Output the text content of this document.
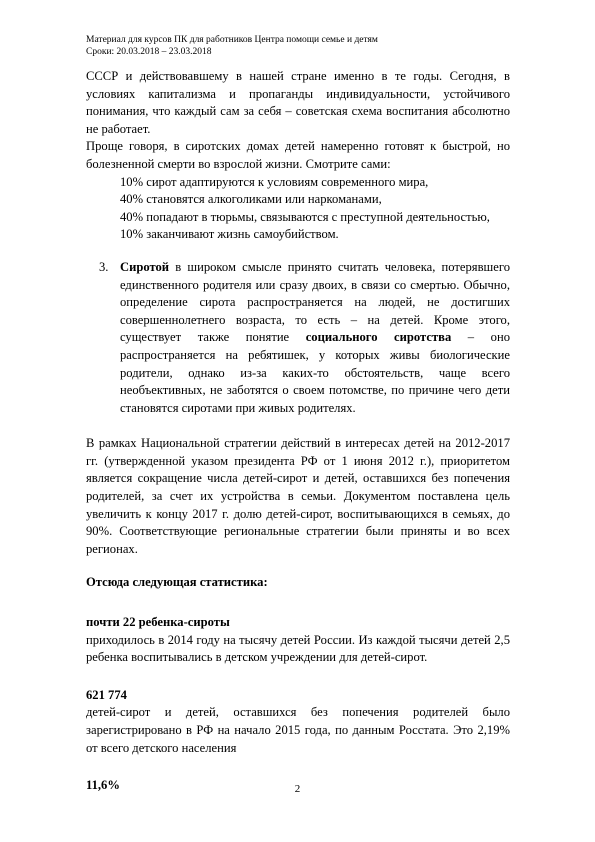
Материал для курсов ПК для работников Центра помощи семье и детям
Сроки: 20.03.2018 – 23.03.2018

СССР и действовавшему в нашей стране именно в те годы. Сегодня, в условиях капитализма и пропаганды индивидуальности, устойчивого понимания, что каждый сам за себя – советская схема воспитания абсолютно не работает.

Проще говоря, в сиротских домах детей намеренно готовят к быстрой, но болезненной смерти во взрослой жизни. Смотрите сами:

10% сирот адаптируются к условиям современного мира,
40% становятся алкоголиками или наркоманами,
40% попадают в тюрьмы, связываются с преступной деятельностью,
10% заканчивают жизнь самоубийством.
3. Сиротой в широком смысле принято считать человека, потерявшего единственного родителя или сразу двоих, в связи со смертью. Обычно, определение сирота распространяется на людей, не достигших совершеннолетнего возраста, то есть – на детей. Кроме этого, существует также понятие социального сиротства – оно распространяется на ребятишек, у которых живы биологические родители, однако из-за каких-то обстоятельств, чаще всего необъективных, не заботятся о своем потомстве, по причине чего дети становятся сиротами при живых родителях.

В рамках Национальной стратегии действий в интересах детей на 2012-2017 гг. (утвержденной указом президента РФ от 1 июня 2012 г.), приоритетом является сокращение числа детей-сирот и детей, оставшихся без попечения родителей, за счет их устройства в семьи. Документом поставлена цель увеличить к концу 2017 г. долю детей-сирот, воспитывающихся в семьях, до 90%. Соответствующие региональные стратегии были приняты и во всех регионах.

Отсюда следующая статистика:

почти 22 ребенка-сироты

приходилось в 2014 году на тысячу детей России. Из каждой тысячи детей 2,5 ребенка воспитывались в детском учреждении для детей-сирот.

621 774

детей-сирот и детей, оставшихся без попечения родителей было зарегистрировано в РФ на начало 2015 года, по данным Росстата. Это 2,19% от всего детского населения

11,6%	2
